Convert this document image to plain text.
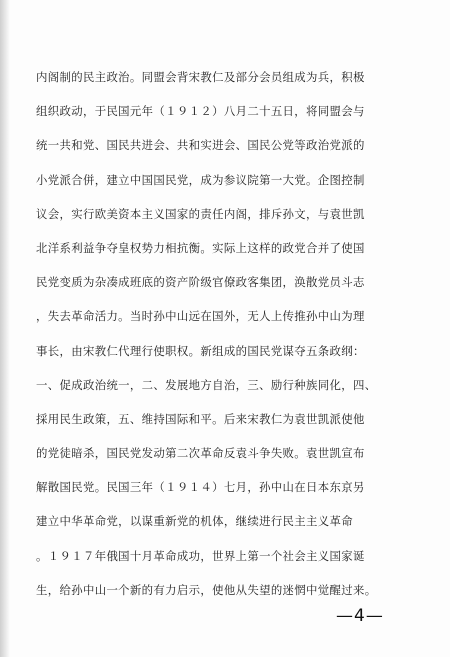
内阁制的民主政治。同盟会背宋教仁及部分会员组成为兵，积极
组织政动，于民国元年（１９１２）八月二十五日，将同盟会与
统一共和党、国民共进会、共和实进会、国民公党等政治党派的
小党派合併，建立中国国民党，成为参议院第一大党。企图控制
议会，实行欧美资本主义国家的责任内阁，排斥孙文，与袁世凯
北洋系利益争夺皇权势力相抗衡。实际上这样的政党合并了使国
民党变质为杂凑成班底的资产阶级官僚政客集团，涣散党员斗志
，失去革命活力。当时孙中山远在国外，无人上传推孙中山为理
事长，由宋教仁代理行使职权。新组成的国民党谋夺五条政纲：
一、促成政治统一，二、发展地方自治，三、励行种族同化，四、
採用民生政策，五、维持国际和平。后来宋教仁为袁世凯派使他
的党徒暗杀，国民党发动第二次革命反袁斗争失败。袁世凯宣布
解散国民党。民国三年（１９１４）七月，孙中山在日本东京另
建立中华革命党，以谋重新党的机体，继续进行民主主义革命
。１９１７年俄国十月革命成功，世界上第一个社会主义国家诞
生，给孙中山一个新的有力启示，使他从失望的迷惘中觉醒过来。
—4—
